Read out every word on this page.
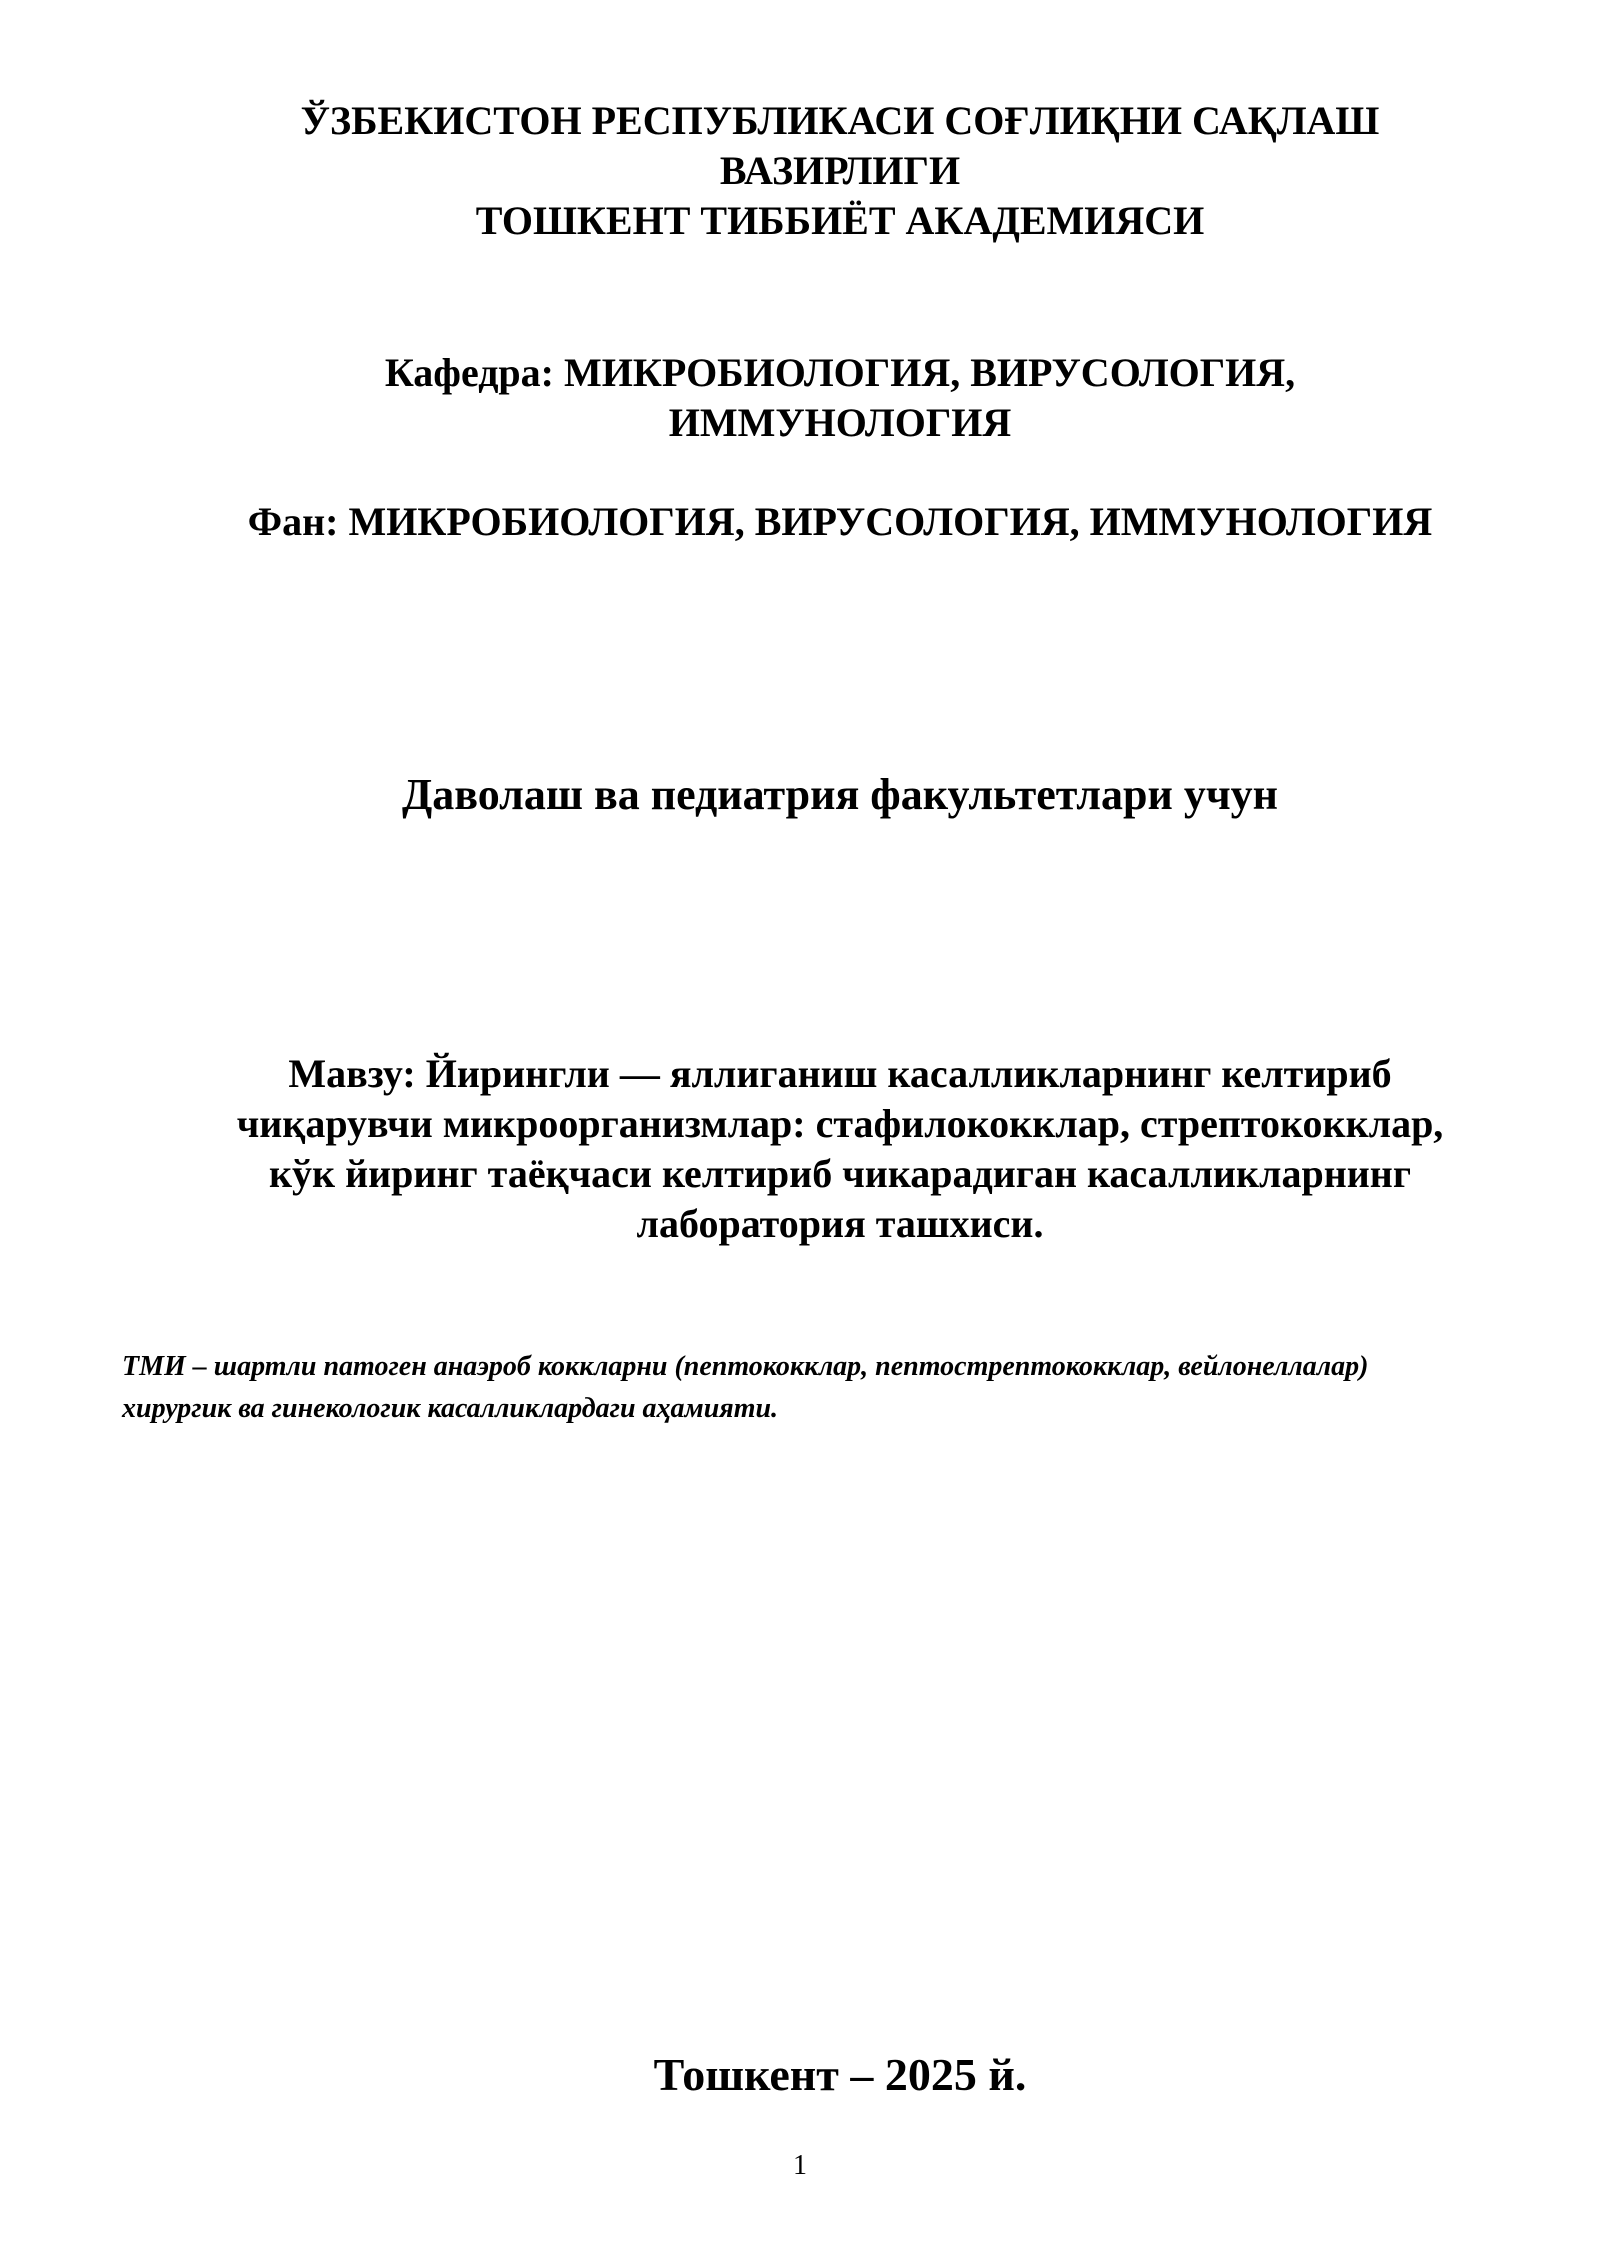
ЎЗБЕКИСТОН РЕСПУБЛИКАСИ СОҒЛИҚНИ САҚЛАШ
ВАЗИРЛИГИ
ТОШКЕНТ ТИББИЁТ АКАДЕМИЯСИ
Кафедра: МИКРОБИОЛОГИЯ, ВИРУСОЛОГИЯ,
ИММУНОЛОГИЯ
Фан: МИКРОБИОЛОГИЯ, ВИРУСОЛОГИЯ, ИММУНОЛОГИЯ
Даволаш ва педиатрия факультетлари учун
Мавзу: Йирингли — яллиганиш касалликларнинг келтириб
чиқарувчи микроорганизмлар: стафилококклар, стрептококклар,
кўк йиринг таёқчаси келтириб чикарадиган касалликларнинг
лаборатория ташхиси.
ТМИ – шартли патоген анаэроб коккларни (пептококклар, пептострептококклар, вейлонеллалар)
хирургик ва гинекологик касалликлардаги аҳамияти.
Тошкент – 2025 й.
1
